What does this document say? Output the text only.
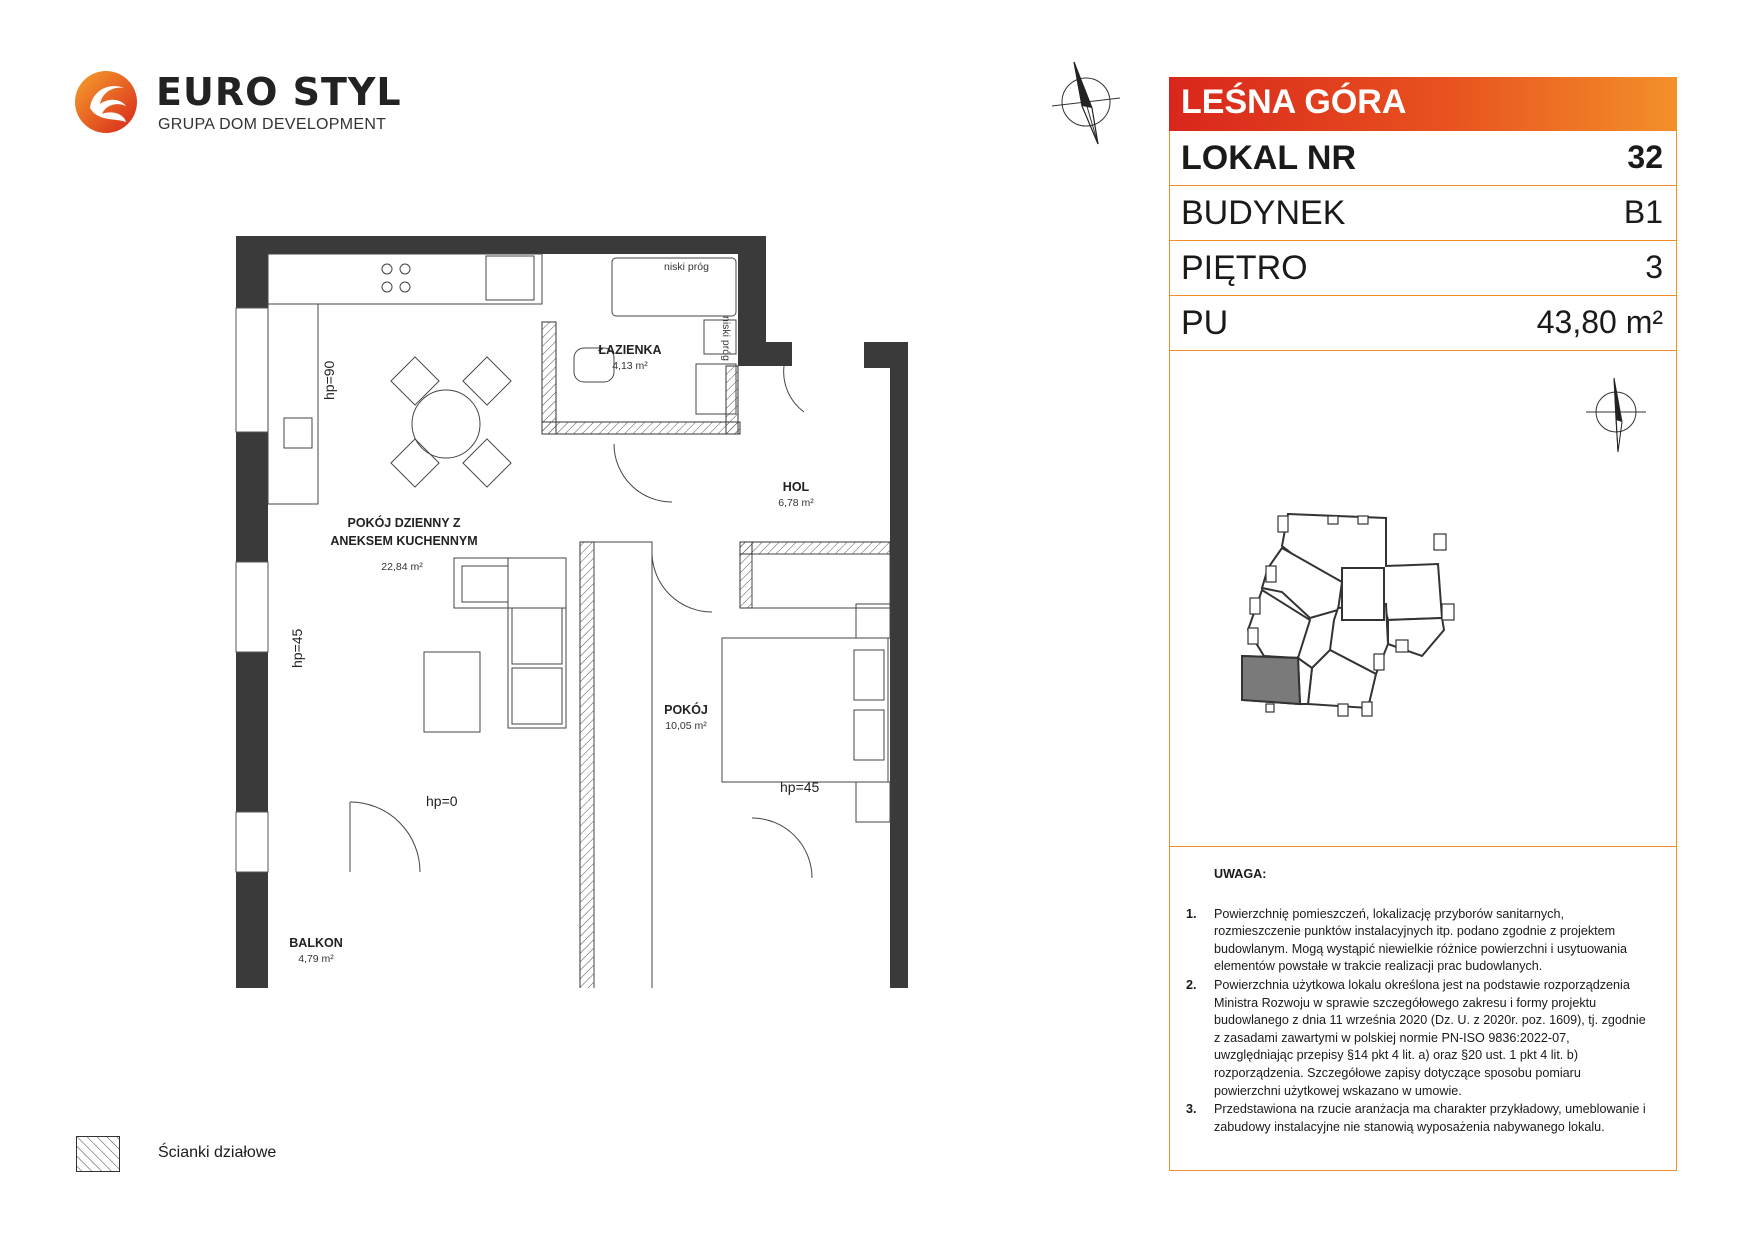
EURO STYL
GRUPA DOM DEVELOPMENT
ŁAZIENKA
4,13 m²
HOL
6,78 m²
POKÓJ DZIENNY Z
ANEKSEM KUCHENNYM
22,84 m²
POKÓJ
10,05 m²
BALKON
4,79 m²
niski próg
niski próg
hp=90
hp=45
hp=0
hp=45
Ścianki działowe
LEŚNA GÓRA
LOKAL NR	32
BUDYNEK	B1
PIĘTRO	3
PU	43,80 m²
UWAGA:
1. Powierzchnię pomieszczeń, lokalizację przyborów sanitarnych, rozmieszczenie punktów instalacyjnych itp. podano zgodnie z projektem budowlanym. Mogą wystąpić niewielkie różnice powierzchni i usytuowania elementów powstałe w trakcie realizacji prac budowlanych.
2. Powierzchnia użytkowa lokalu określona jest na podstawie rozporządzenia Ministra Rozwoju w sprawie szczegółowego zakresu i formy projektu budowlanego z dnia 11 września 2020 (Dz. U. z 2020r. poz. 1609), tj. zgodnie z zasadami zawartymi w polskiej normie PN-ISO 9836:2022-07, uwzględniając przepisy §14 pkt 4 lit. a) oraz §20 ust. 1 pkt 4 lit. b) rozporządzenia. Szczegółowe zapisy dotyczące sposobu pomiaru powierzchni użytkowej wskazano w umowie.
3. Przedstawiona na rzucie aranżacja ma charakter przykładowy, umeblowanie i zabudowy instalacyjne nie stanowią wyposażenia nabywanego lokalu.
